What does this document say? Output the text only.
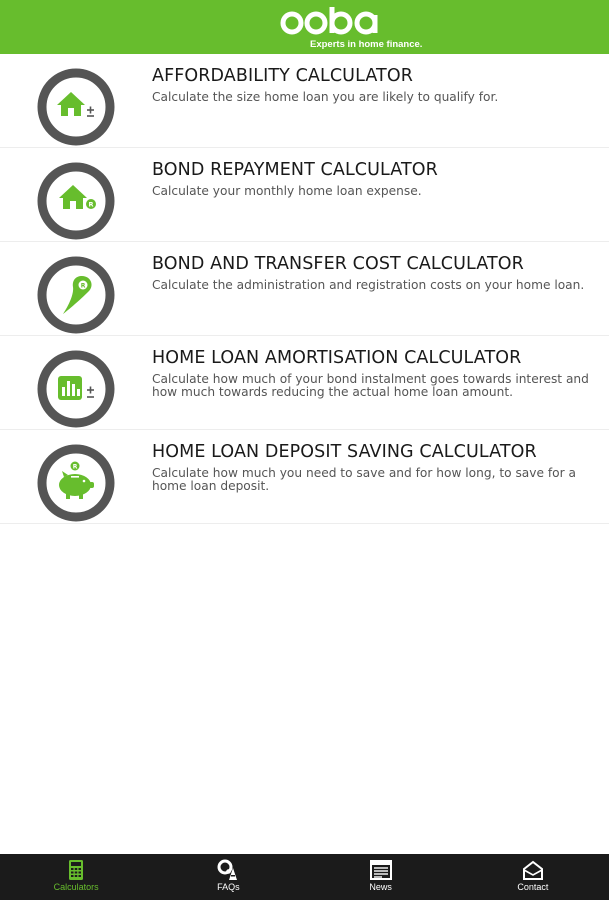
Experts in home finance.
AFFORDABILITY CALCULATOR
Calculate the size home loan you are likely to qualify for.
R
BOND REPAYMENT CALCULATOR
Calculate your monthly home loan expense.
R
BOND AND TRANSFER COST CALCULATOR
Calculate the administration and registration costs on your home loan.
HOME LOAN AMORTISATION CALCULATOR
Calculate how much of your bond instalment goes towards interest and how much towards reducing the actual home loan amount.
R
HOME LOAN DEPOSIT SAVING CALCULATOR
Calculate how much you need to save and for how long, to save for a home loan deposit.
Calculators	FAQs	News	Contact
